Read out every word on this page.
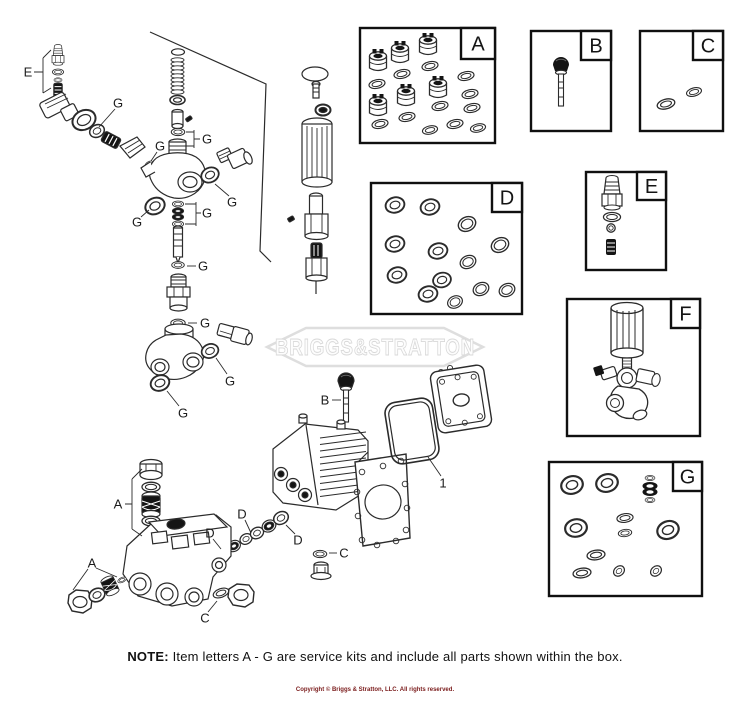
BRIGGS&STRATTON
A	B	C
D
E
F
G
E
G
G	G
G
G
G
G
G
G
G
B
1
A
A
D
D
D
C
C
NOTE: Item letters A - G are service kits and include all parts shown within the box.
Copyright © Briggs & Stratton, LLC. All rights reserved.
